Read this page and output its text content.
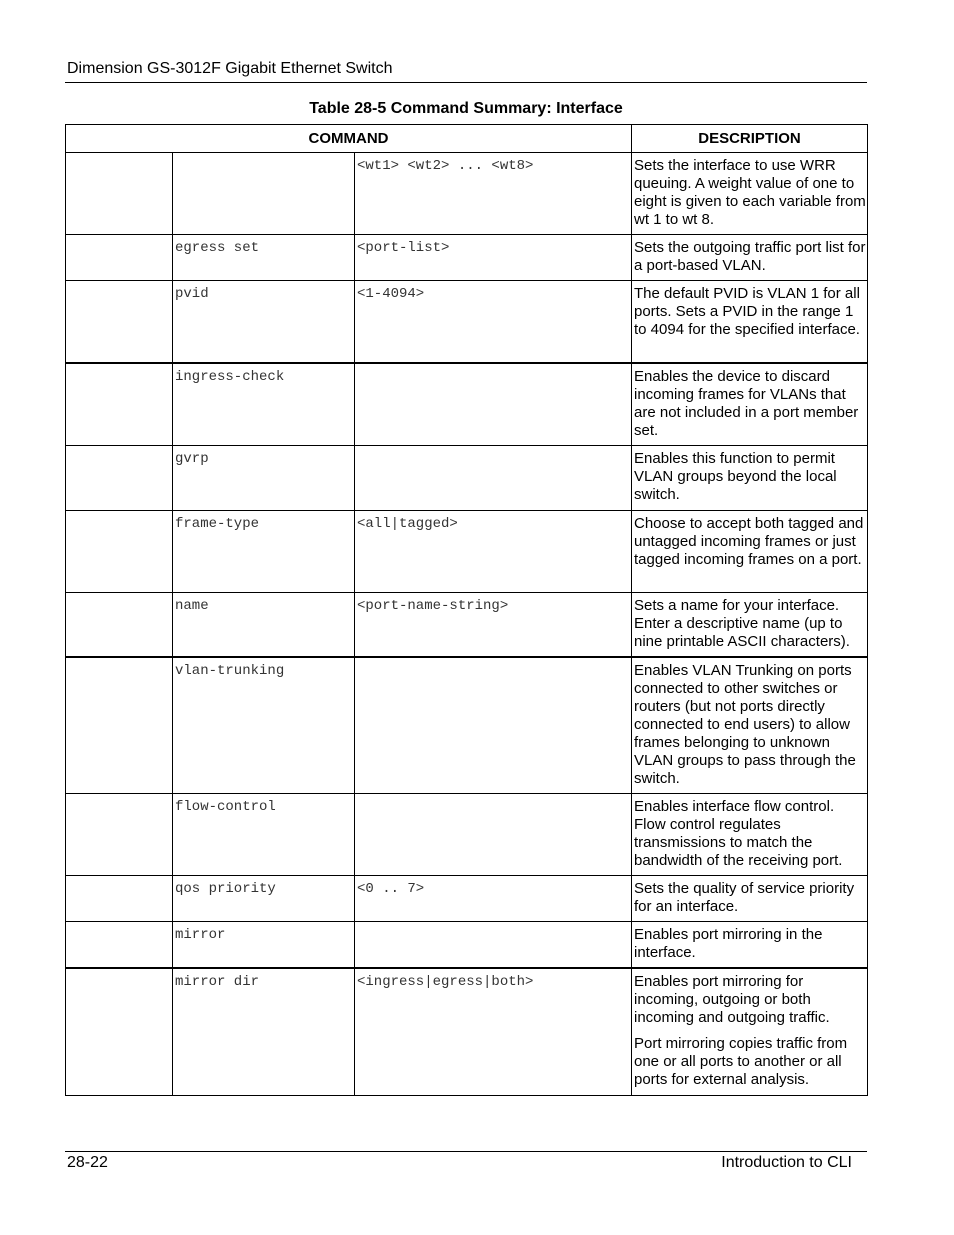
Dimension GS-3012F Gigabit Ethernet Switch
Table 28-5 Command Summary: Interface
COMMAND			DESCRIPTION
		<wt1> <wt2> ... <wt8>	Sets the interface to use WRR queuing. A weight value of one to eight is given to each variable from wt 1 to wt 8.

	egress set	<port-list>	Sets the outgoing traffic port list for a port-based VLAN.

	pvid	<1-4094>	The default PVID is VLAN 1 for all ports. Sets a PVID in the range 1 to 4094 for the specified interface.

	ingress-check		Enables the device to discard incoming frames for VLANs that are not included in a port member set.

	gvrp		Enables this function to permit VLAN groups beyond the local switch.

	frame-type	<all|tagged>	Choose to accept both tagged and untagged incoming frames or just tagged incoming frames on a port.

	name	<port-name-string>	Sets a name for your interface. Enter a descriptive name (up to nine printable ASCII characters).

	vlan-trunking		Enables VLAN Trunking on ports connected to other switches or routers (but not ports directly connected to end users) to allow frames belonging to unknown VLAN groups to pass through the switch.

	flow-control		Enables interface flow control. Flow control regulates transmissions to match the bandwidth of the receiving port.

	qos priority	<0 .. 7>	Sets the quality of service priority for an interface.

	mirror		Enables port mirroring in the interface.

	mirror dir	<ingress|egress|both>	Enables port mirroring for incoming, outgoing or both incoming and outgoing traffic.

Port mirroring copies traffic from one or all ports to another or all ports for external analysis.

28-22	Introduction to CLI
